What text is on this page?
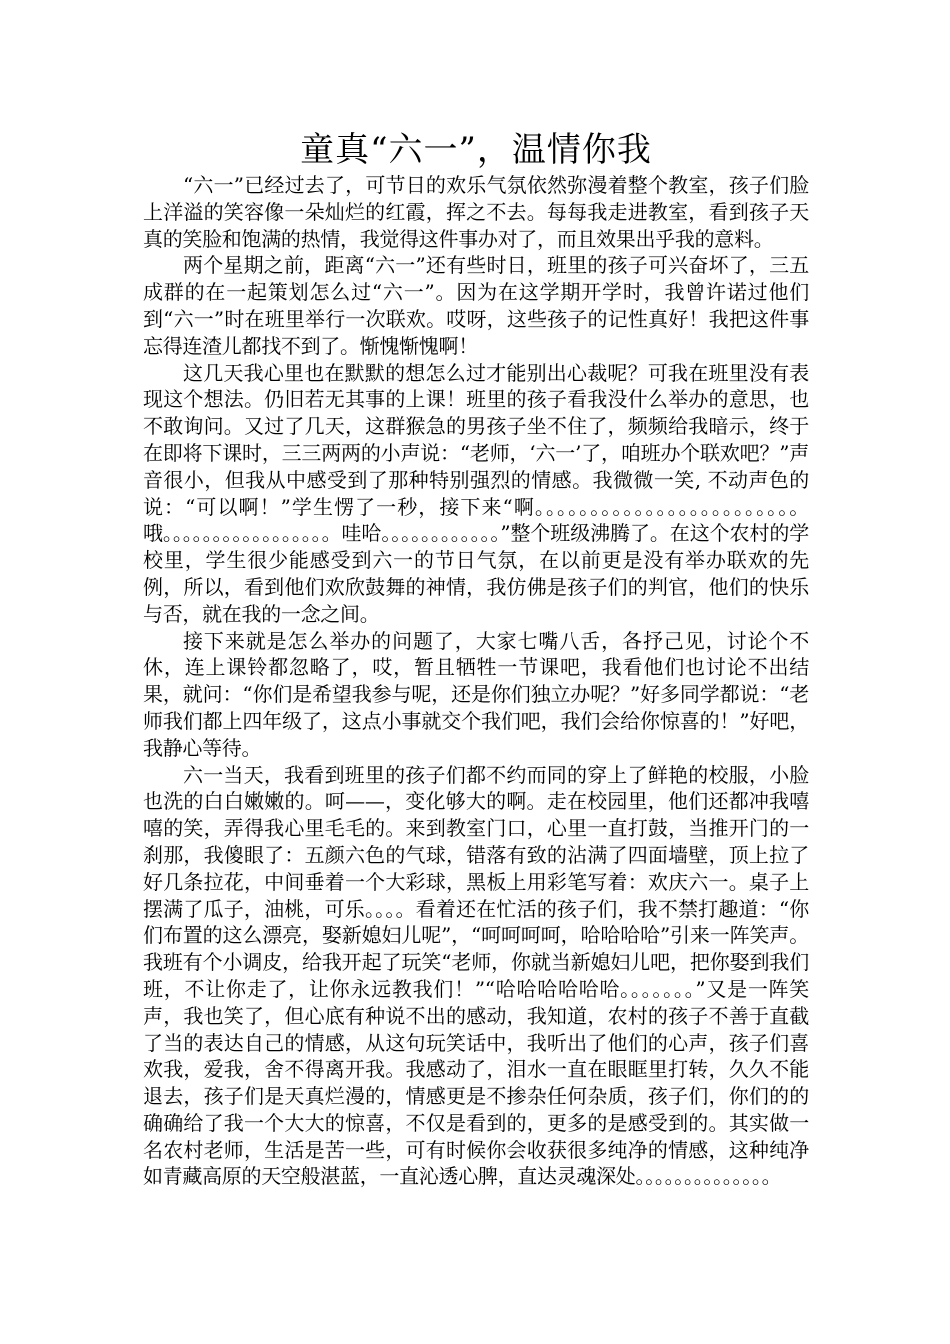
童真“六一”，温情你我

“六一”已经过去了，可节日的欢乐气氛依然弥漫着整个教室，孩子们脸上洋溢的笑容像一朵灿烂的红霞，挥之不去。每每我走进教室，看到孩子天真的笑脸和饱满的热情，我觉得这件事办对了，而且效果出乎我的意料。

两个星期之前，距离“六一”还有些时日，班里的孩子可兴奋坏了，三五成群的在一起策划怎么过“六一”。因为在这学期开学时，我曾许诺过他们到“六一”时在班里举行一次联欢。哎呀，这些孩子的记性真好！我把这件事忘得连渣儿都找不到了。惭愧惭愧啊！

这几天我心里也在默默的想怎么过才能别出心裁呢？可我在班里没有表现这个想法。仍旧若无其事的上课！班里的孩子看我没什么举办的意思，也不敢询问。又过了几天，这群猴急的男孩子坐不住了，频频给我暗示，终于在即将下课时，三三两两的小声说：“老师，‘六一’了，咱班办个联欢吧？”声音很小，但我从中感受到了那种特别强烈的情感。我微微一笑, 不动声色的说：“可以啊！”学生愣了一秒，接下来“啊。。。。。。。。。。。。。。。。。。。。。。。。哦。。。。。。。。。。。。。。。。。哇哈。。。。。。。。。。。。”整个班级沸腾了。在这个农村的学校里，学生很少能感受到六一的节日气氛，在以前更是没有举办联欢的先例，所以，看到他们欢欣鼓舞的神情，我仿佛是孩子们的判官，他们的快乐与否，就在我的一念之间。

接下来就是怎么举办的问题了，大家七嘴八舌，各抒己见，讨论个不休，连上课铃都忽略了，哎，暂且牺牲一节课吧，我看他们也讨论不出结果，就问：“你们是希望我参与呢，还是你们独立办呢？”好多同学都说：“老师我们都上四年级了，这点小事就交个我们吧，我们会给你惊喜的！”好吧，我静心等待。

六一当天，我看到班里的孩子们都不约而同的穿上了鲜艳的校服，小脸也洗的白白嫩嫩的。呵——，变化够大的啊。走在校园里，他们还都冲我嘻嘻的笑，弄得我心里毛毛的。来到教室门口，心里一直打鼓，当推开门的一刹那，我傻眼了：五颜六色的气球，错落有致的沾满了四面墙壁，顶上拉了好几条拉花，中间垂着一个大彩球，黑板上用彩笔写着：欢庆六一。桌子上摆满了瓜子，油桃，可乐。。。。看着还在忙活的孩子们，我不禁打趣道：“你们布置的这么漂亮，娶新媳妇儿呢”，“呵呵呵呵，哈哈哈哈”引来一阵笑声。我班有个小调皮，给我开起了玩笑“老师，你就当新媳妇儿吧，把你娶到我们班，不让你走了，让你永远教我们！”“哈哈哈哈哈哈。。。。。。。”又是一阵笑声，我也笑了，但心底有种说不出的感动，我知道，农村的孩子不善于直截了当的表达自己的情感，从这句玩笑话中，我听出了他们的心声，孩子们喜欢我，爱我，舍不得离开我。我感动了，泪水一直在眼眶里打转，久久不能退去，孩子们是天真烂漫的，情感更是不掺杂任何杂质，孩子们，你们的的确确给了我一个大大的惊喜，不仅是看到的，更多的是感受到的。其实做一名农村老师，生活是苦一些，可有时候你会收获很多纯净的情感，这种纯净如青藏高原的天空般湛蓝，一直沁透心脾，直达灵魂深处。。。。。。。。。。。。。。
